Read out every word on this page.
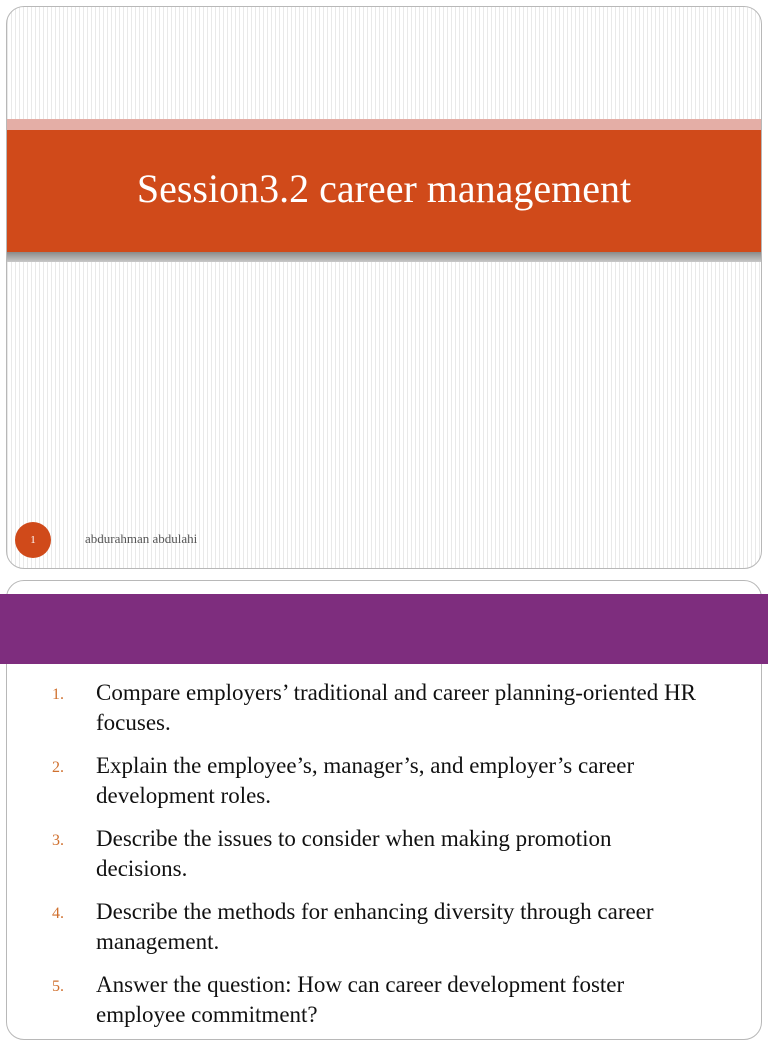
Session3.2 career management
1	abdurahman abdulahi
1. Compare employers’ traditional and career planning-oriented HR focuses.
2. Explain the employee’s, manager’s, and employer’s career development roles.
3. Describe the issues to consider when making promotion decisions.
4. Describe the methods for enhancing diversity through career management.
5. Answer the question: How can career development foster employee commitment?
